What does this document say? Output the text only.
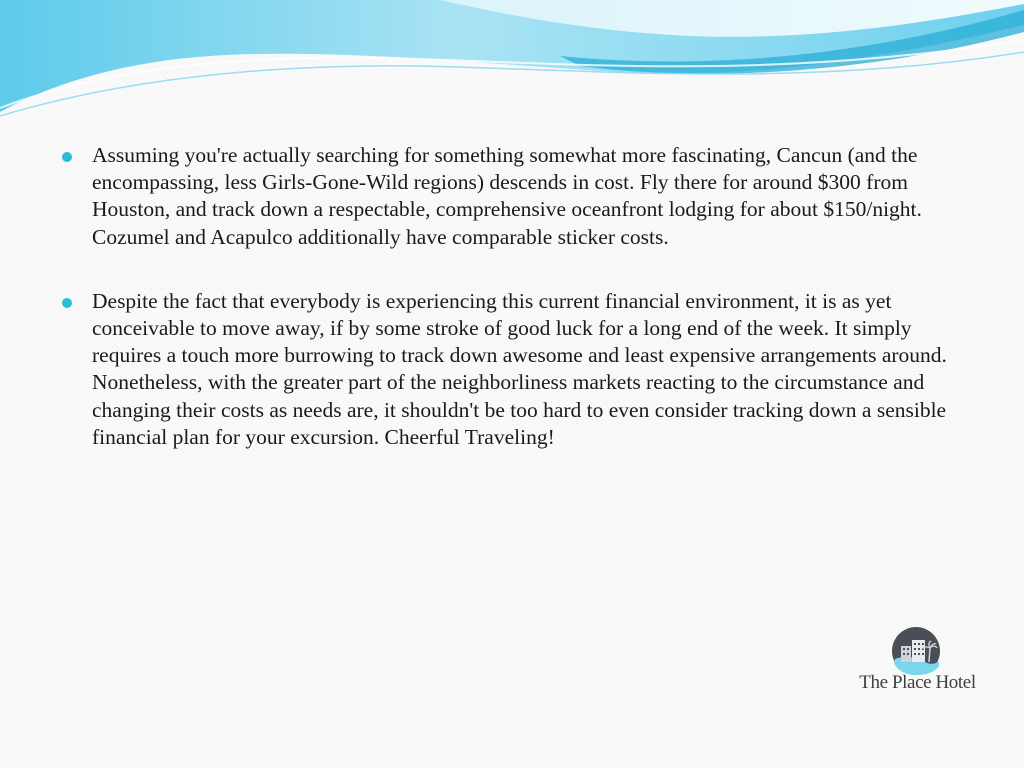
Assuming you're actually searching for something somewhat more fascinating, Cancun (and the encompassing, less Girls-Gone-Wild regions) descends in cost. Fly there for around $300 from Houston, and track down a respectable, comprehensive oceanfront lodging for about $150/night. Cozumel and Acapulco additionally have comparable sticker costs.
Despite the fact that everybody is experiencing this current financial environment, it is as yet conceivable to move away, if by some stroke of good luck for a long end of the week. It simply requires a touch more burrowing to track down awesome and least expensive arrangements around. Nonetheless, with the greater part of the neighborliness markets reacting to the circumstance and changing their costs as needs are, it shouldn't be too hard to even consider tracking down a sensible financial plan for your excursion. Cheerful Traveling!
The Place Hotel
